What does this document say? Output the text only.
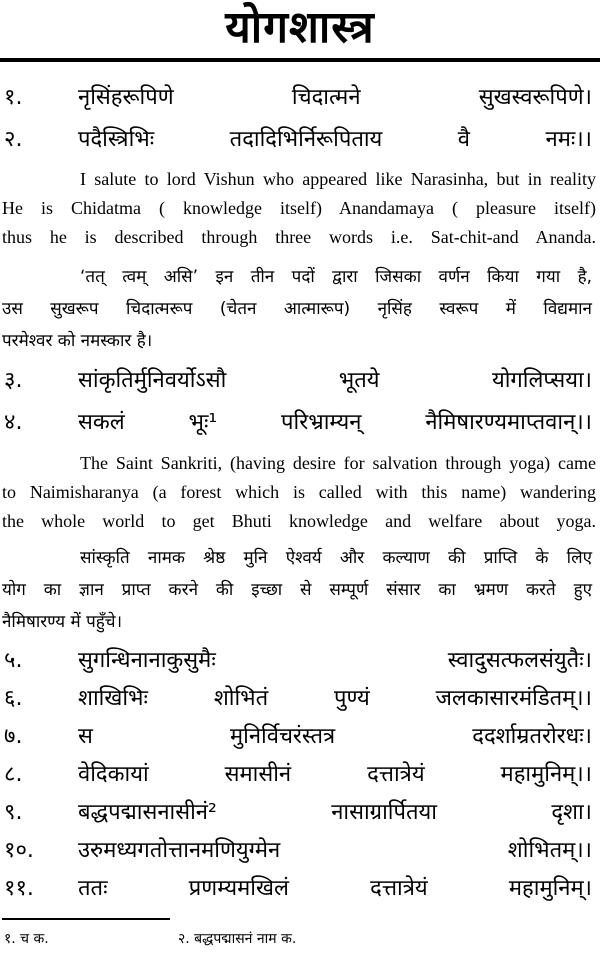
योगशास्त्र
१.	नृसिंहरूपिणे चिदात्मने सुखस्वरूपिणे।
२.	पदैस्त्रिभिः तदादिभिर्निरूपिताय वै नमः।।
I salute to lord Vishun who appeared like Narasinha, but in reality
He is Chidatma ( knowledge itself) Anandamaya ( pleasure itself)
thus he is described through three words i.e. Sat-chit-and Ananda.
‘तत् त्वम् असि’ इन तीन पदों द्वारा जिसका वर्णन किया गया है,
उस सुखरूप चिदात्मरूप (चेतन आत्मारूप) नृसिंह स्वरूप में विद्यमान
परमेश्वर को नमस्कार है।
३.	सांकृतिर्मुनिवर्योऽसौ भूतये योगलिप्सया।
४.	सकलं भूः¹ परिभ्राम्यन् नैमिषारण्यमाप्तवान्।।
The Saint Sankriti, (having desire for salvation through yoga) came
to Naimisharanya (a forest which is called with this name) wandering
the whole world to get Bhuti knowledge and welfare about yoga.
सांस्कृति नामक श्रेष्ठ मुनि ऐश्वर्य और कल्याण की प्राप्ति के लिए
योग का ज्ञान प्राप्त करने की इच्छा से सम्पूर्ण संसार का भ्रमण करते हुए
नैमिषारण्य में पहुँचे।
५.	सुगन्धिनानाकुसुमैः स्वादुसत्फलसंयुतैः।
६.	शाखिभिः शोभितं पुण्यं जलकासारमंडितम्।।
७.	स मुनिर्विचरंस्तत्र ददर्शाम्रतरोरधः।
८.	वेदिकायां समासीनं दत्तात्रेयं महामुनिम्।।
९.	बद्धपद्मासनासीनं² नासाग्रार्पितया दृशा।
१०. उरुमध्यगतोत्तानमणियुग्मेन शोभितम्।।
११. ततः प्रणम्यमखिलं दत्तात्रेयं महामुनिम्।
१. च क.	२. बद्धपद्मासनं नाम क.
